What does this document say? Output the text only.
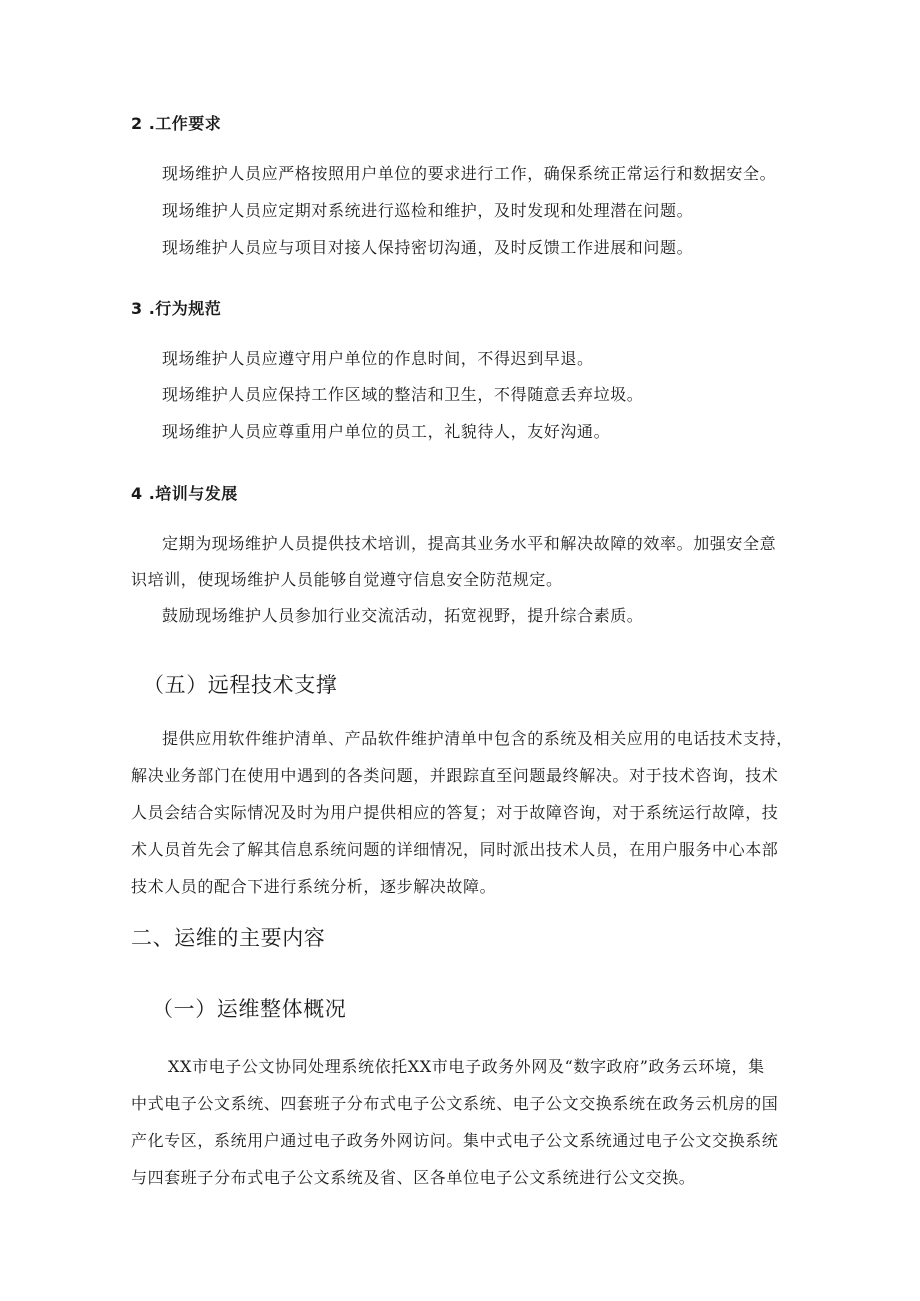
2 .工作要求
现场维护人员应严格按照用户单位的要求进行工作，确保系统正常运行和数据安全。
现场维护人员应定期对系统进行巡检和维护，及时发现和处理潜在问题。
现场维护人员应与项目对接人保持密切沟通，及时反馈工作进展和问题。
3 .行为规范
现场维护人员应遵守用户单位的作息时间，不得迟到早退。
现场维护人员应保持工作区域的整洁和卫生，不得随意丢弃垃圾。
现场维护人员应尊重用户单位的员工，礼貌待人，友好沟通。
4 .培训与发展
定期为现场维护人员提供技术培训，提高其业务水平和解决故障的效率。加强安全意
识培训，使现场维护人员能够自觉遵守信息安全防范规定。
鼓励现场维护人员参加行业交流活动，拓宽视野，提升综合素质。
（五）远程技术支撑
提供应用软件维护清单、产品软件维护清单中包含的系统及相关应用的电话技术支持，
解决业务部门在使用中遇到的各类问题，并跟踪直至问题最终解决。对于技术咨询，技术
人员会结合实际情况及时为用户提供相应的答复；对于故障咨询，对于系统运行故障，技
术人员首先会了解其信息系统问题的详细情况，同时派出技术人员，在用户服务中心本部
技术人员的配合下进行系统分析，逐步解决故障。
二、运维的主要内容
（一）运维整体概况
XX市电子公文协同处理系统依托XX市电子政务外网及“数字政府”政务云环境，集
中式电子公文系统、四套班子分布式电子公文系统、电子公文交换系统在政务云机房的国
产化专区，系统用户通过电子政务外网访问。集中式电子公文系统通过电子公文交换系统
与四套班子分布式电子公文系统及省、区各单位电子公文系统进行公文交换。
